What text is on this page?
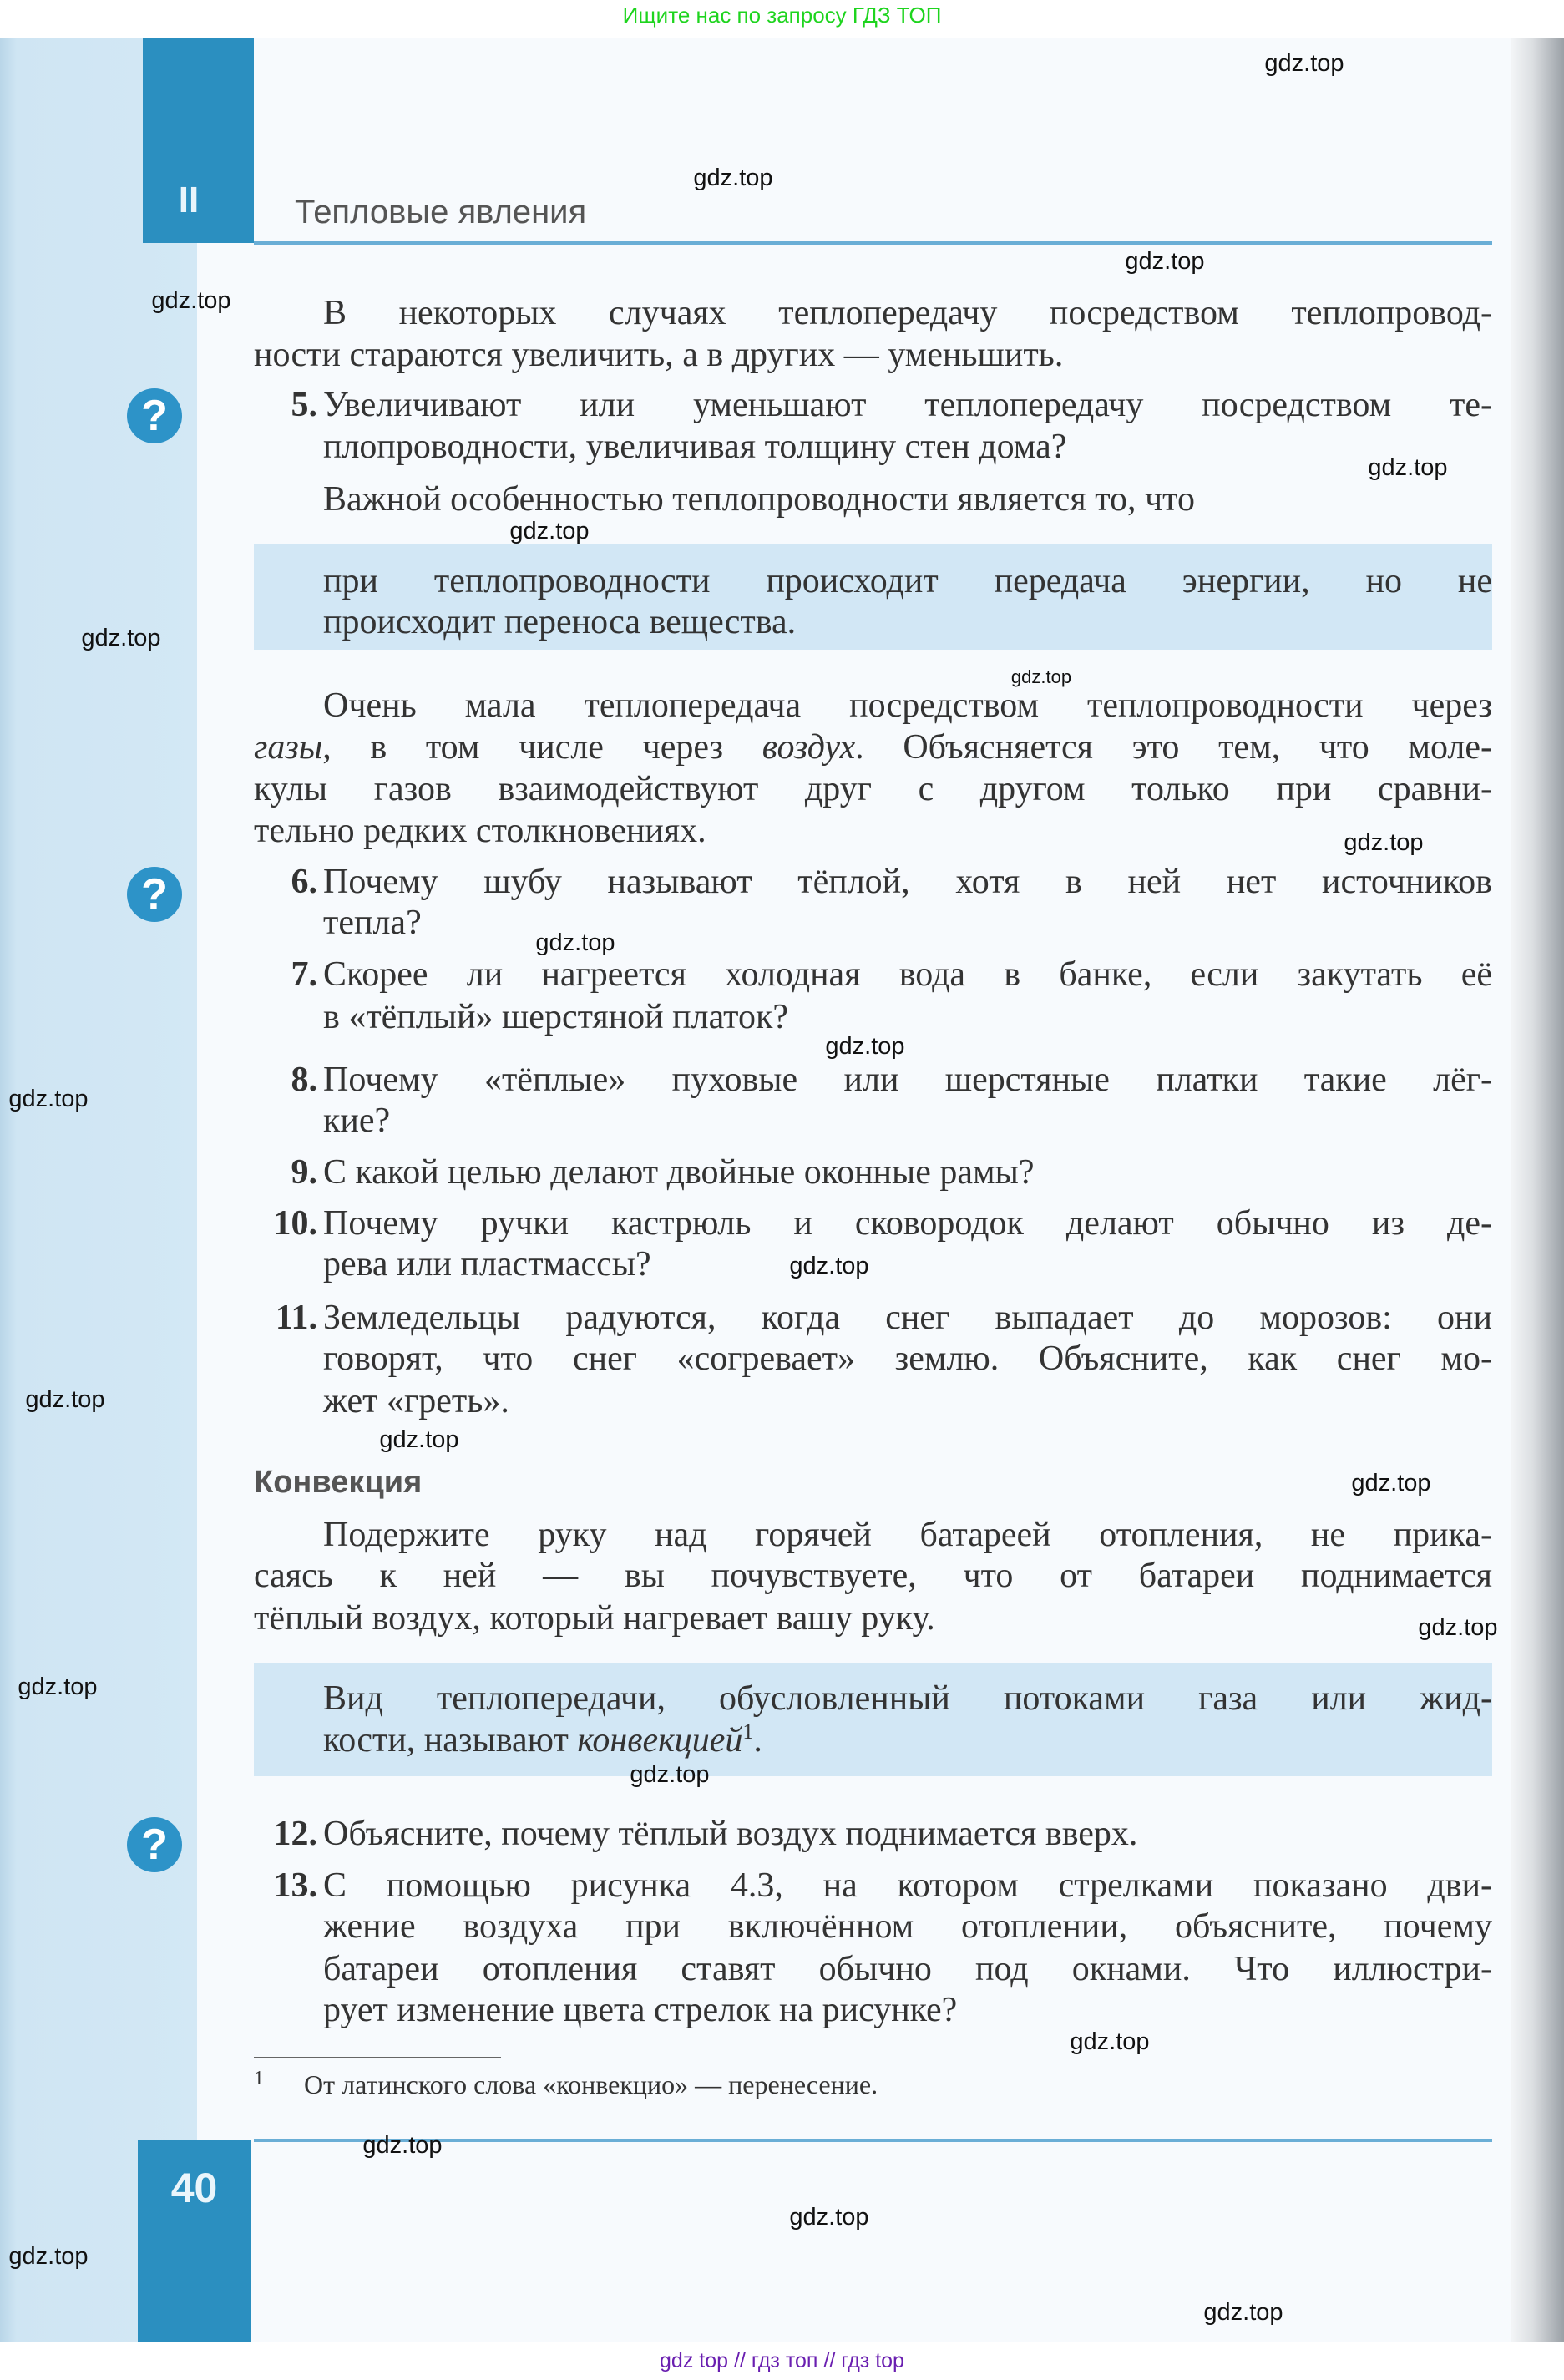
Ищите нас по запросу ГДЗ ТОП
II	Тепловые явления
В некоторых случаях теплопередачу посредством теплопровод-
ности стараются увеличить, а в других — уменьшить.
Увеличивают или уменьшают теплопередачу посредством те-
плопроводности, увеличивая толщину стен дома?
5.
Важной особенностью теплопроводности является то, что
при теплопроводности происходит передача энергии, но не
происходит переноса вещества.
Очень мала теплопередача посредством теплопроводности через
газы, в том числе через воздух. Объясняется это тем, что моле-
кулы газов взаимодействуют друг с другом только при сравни-
тельно редких столкновениях.
Почему шубу называют тёплой, хотя в ней нет источников
тепла?
6.
Скорее ли нагреется холодная вода в банке, если закутать её
в «тёплый» шерстяной платок?
7.
Почему «тёплые» пуховые или шерстяные платки такие лёг-
кие?
8.
С какой целью делают двойные оконные рамы?
9.
Почему ручки кастрюль и сковородок делают обычно из де-
рева или пластмассы?
10.
Земледельцы радуются, когда снег выпадает до морозов: они
говорят, что снег «согревает» землю. Объясните, как снег мо-
жет «греть».
11.
Подержите руку над горячей батареей отопления, не прика-
саясь к ней — вы почувствуете, что от батареи поднимается
тёплый воздух, который нагревает вашу руку.
Вид теплопередачи, обусловленный потоками газа или жид-
кости, называют конвекцией$^1$.
Объясните, почему тёплый воздух поднимается вверх.
12.
С помощью рисунка 4.3, на котором стрелками показано дви-
жение воздуха при включённом отоплении, объясните, почему
батареи отопления ставят обычно под окнами. Что иллюстри-
рует изменение цвета стрелок на рисунке?
13.
?
?
?
Конвекция
1 От латинского слова «конвекцио» — перенесение.
40
gdz top // гдз топ // гдз top
gdz.top
gdz.top
gdz.top
gdz.top
gdz.top
gdz.top
gdz.top
gdz.top
gdz.top
gdz.top
gdz.top
gdz.top
gdz.top
gdz.top
gdz.top
gdz.top
gdz.top
gdz.top
gdz.top
gdz.top
gdz.top
gdz.top
gdz.top
gdz.top
